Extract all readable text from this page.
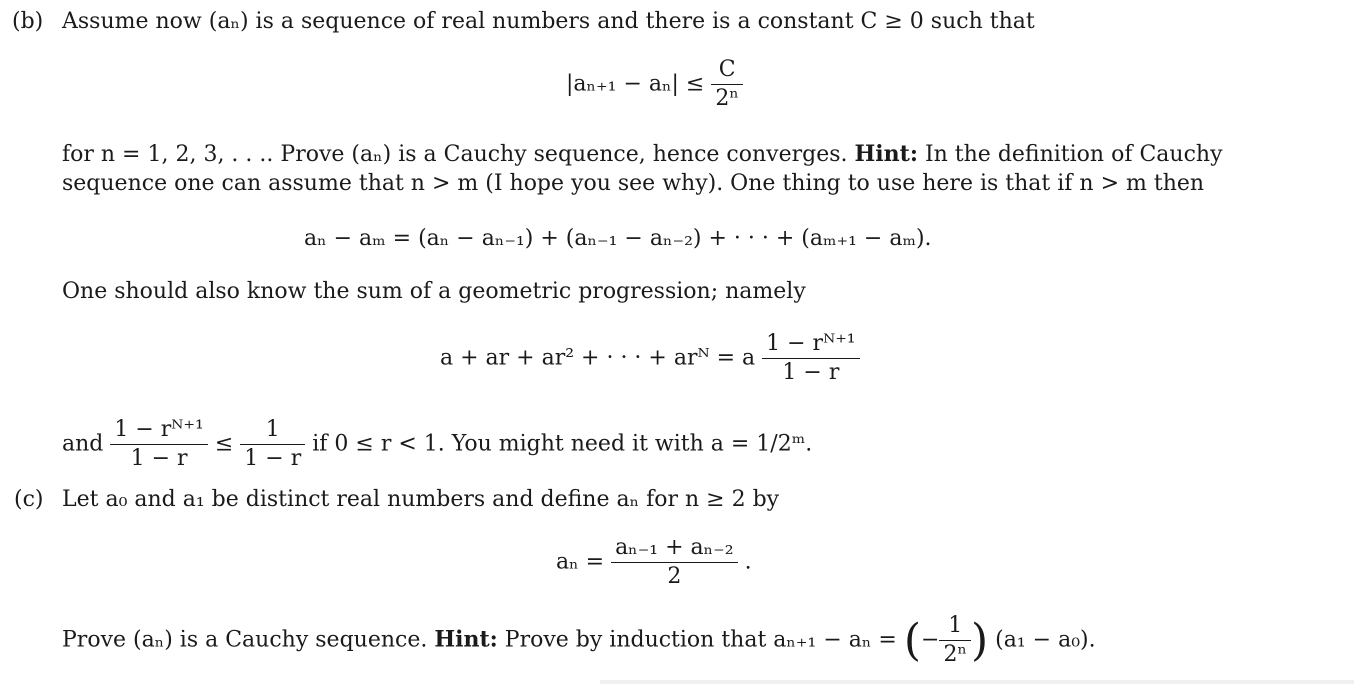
(b) Assume now (aₙ) is a sequence of real numbers and there is a constant C ≥ 0 such that
$|a_{n+1} - a_n| \le \frac{C}{\text{2ⁿ}}$
for n = 1, 2, 3, . . .. Prove (aₙ) is a Cauchy sequence, hence converges. Hint: In the definition of Cauchy
sequence one can assume that n > m (I hope you see why). One thing to use here is that if n > m then
aₙ − aₘ = (aₙ − aₙ₋₁) + (aₙ₋₁ − aₙ₋₂) + · · · + (aₘ₊₁ − aₘ).
One should also know the sum of a geometric progression; namely
a + ar + ar² + · · · + arᴺ = a $\frac{\text{1 − rᴺ⁺¹}}{1 - r}$
and $\frac{\text{1 − rᴺ⁺¹}}{1 - r} \le \frac{1}{1 - r}$ if 0 ≤ r < 1. You might need it with a = 1/2ᵐ.
(c) Let a₀ and a₁ be distinct real numbers and define aₙ for n ≥ 2 by
$a_n = \frac{\text{aₙ₋₁ + aₙ₋₂}}{2}$ .
Prove (aₙ) is a Cauchy sequence. Hint: Prove by induction that aₙ₊₁ − aₙ = (− $\frac{1}{\text{2ⁿ}}$ ) (a₁ − a₀).
